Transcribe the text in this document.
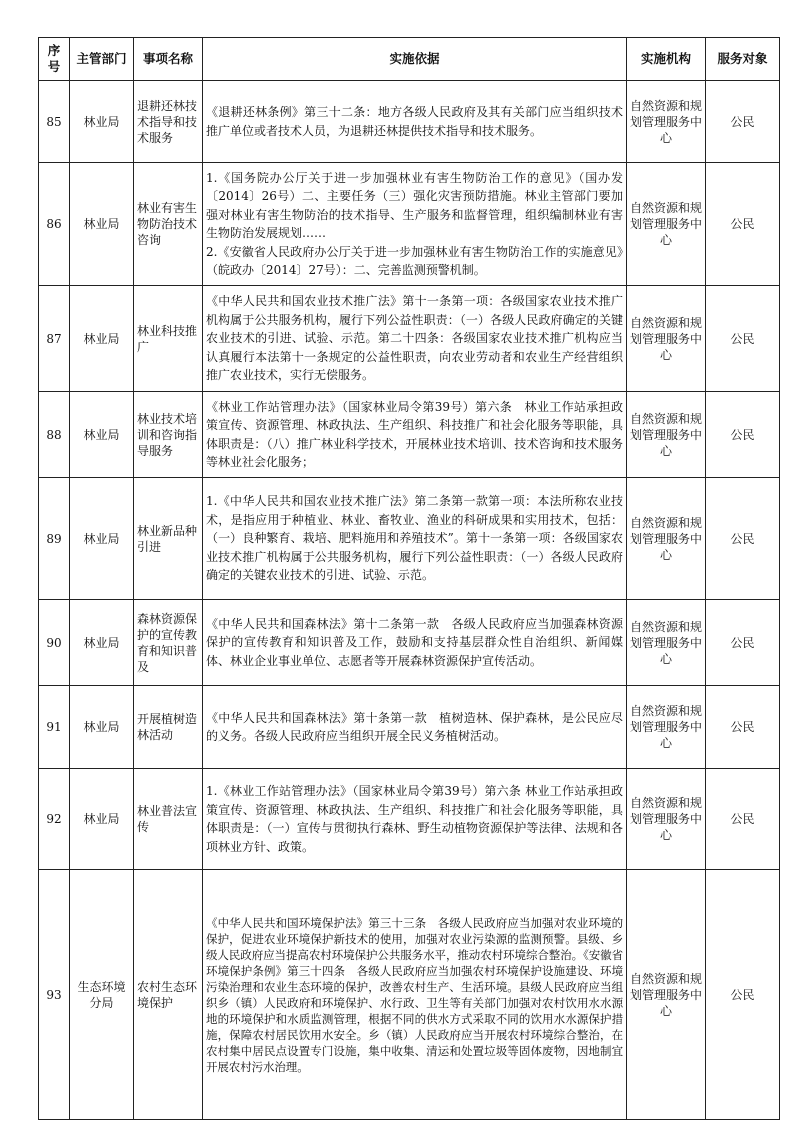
序号	主管部门	事项名称	实施依据	实施机构	服务对象
85	林业局	退耕还林技术指导和技术服务	《退耕还林条例》第三十二条：地方各级人民政府及其有关部门应当组织技术推广单位或者技术人员，为退耕还林提供技术指导和技术服务。	自然资源和规划管理服务中心	公民
86	林业局	林业有害生物防治技术咨询	1.《国务院办公厅关于进一步加强林业有害生物防治工作的意见》（国办发〔2014〕26号）二、主要任务（三）强化灾害预防措施。林业主管部门要加强对林业有害生物防治的技术指导、生产服务和监督管理，组织编制林业有害生物防治发展规划……
2.《安徽省人民政府办公厅关于进一步加强林业有害生物防治工作的实施意见》（皖政办〔2014〕27号）：二、完善监测预警机制。	自然资源和规划管理服务中心	公民
87	林业局	林业科技推广	《中华人民共和国农业技术推广法》第十一条第一项：各级国家农业技术推广机构属于公共服务机构，履行下列公益性职责：（一）各级人民政府确定的关键农业技术的引进、试验、示范。第二十四条：各级国家农业技术推广机构应当认真履行本法第十一条规定的公益性职责，向农业劳动者和农业生产经营组织推广农业技术，实行无偿服务。	自然资源和规划管理服务中心	公民
88	林业局	林业技术培训和咨询指导服务	《林业工作站管理办法》（国家林业局令第39号）第六条　林业工作站承担政策宣传、资源管理、林政执法、生产组织、科技推广和社会化服务等职能，具体职责是：（八）推广林业科学技术，开展林业技术培训、技术咨询和技术服务等林业社会化服务；	自然资源和规划管理服务中心	公民
89	林业局	林业新品种引进	1.《中华人民共和国农业技术推广法》第二条第一款第一项：本法所称农业技术，是指应用于种植业、林业、畜牧业、渔业的科研成果和实用技术，包括：（一）良种繁育、栽培、肥料施用和养殖技术”。第十一条第一项：各级国家农业技术推广机构属于公共服务机构，履行下列公益性职责：（一）各级人民政府确定的关键农业技术的引进、试验、示范。	自然资源和规划管理服务中心	公民
90	林业局	森林资源保护的宣传教育和知识普及	《中华人民共和国森林法》第十二条第一款　各级人民政府应当加强森林资源保护的宣传教育和知识普及工作，鼓励和支持基层群众性自治组织、新闻媒体、林业企业事业单位、志愿者等开展森林资源保护宣传活动。	自然资源和规划管理服务中心	公民
91	林业局	开展植树造林活动	《中华人民共和国森林法》第十条第一款　植树造林、保护森林，是公民应尽的义务。各级人民政府应当组织开展全民义务植树活动。	自然资源和规划管理服务中心	公民
92	林业局	林业普法宣传	1.《林业工作站管理办法》（国家林业局令第39号）第六条 林业工作站承担政策宣传、资源管理、林政执法、生产组织、科技推广和社会化服务等职能，具体职责是：（一）宣传与贯彻执行森林、野生动植物资源保护等法律、法规和各项林业方针、政策。	自然资源和规划管理服务中心	公民
93	生态环境分局	农村生态环境保护	《中华人民共和国环境保护法》第三十三条　各级人民政府应当加强对农业环境的保护，促进农业环境保护新技术的使用，加强对农业污染源的监测预警。县级、乡级人民政府应当提高农村环境保护公共服务水平，推动农村环境综合整治。《安徽省环境保护条例》第三十四条　各级人民政府应当加强农村环境保护设施建设、环境污染治理和农业生态环境的保护，改善农村生产、生活环境。县级人民政府应当组织乡（镇）人民政府和环境保护、水行政、卫生等有关部门加强对农村饮用水水源地的环境保护和水质监测管理，根据不同的供水方式采取不同的饮用水水源保护措施，保障农村居民饮用水安全。乡（镇）人民政府应当开展农村环境综合整治，在农村集中居民点设置专门设施，集中收集、清运和处置垃圾等固体废物，因地制宜开展农村污水治理。	自然资源和规划管理服务中心	公民
